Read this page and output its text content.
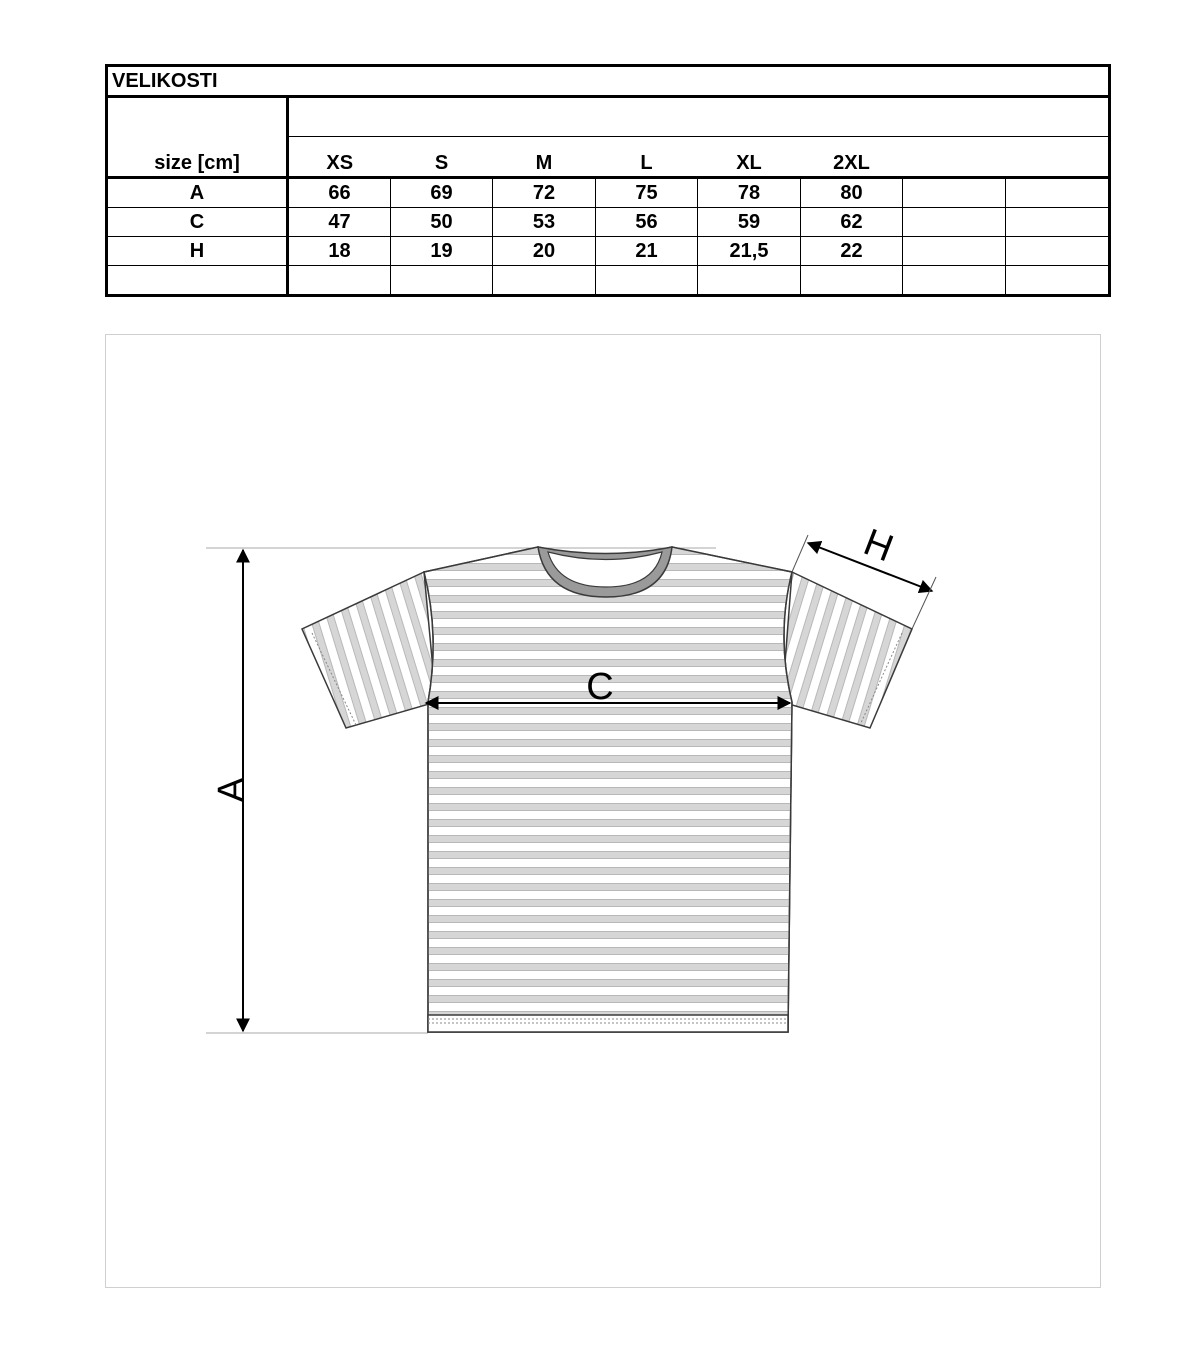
VELIKOSTI								

size [cm]	XS	S	M	L	XL	2XL		
A	66	69	72	75	78	80		
C	47	50	53	56	59	62		
H	18	19	20	21	21,5	22		

A
C
H
